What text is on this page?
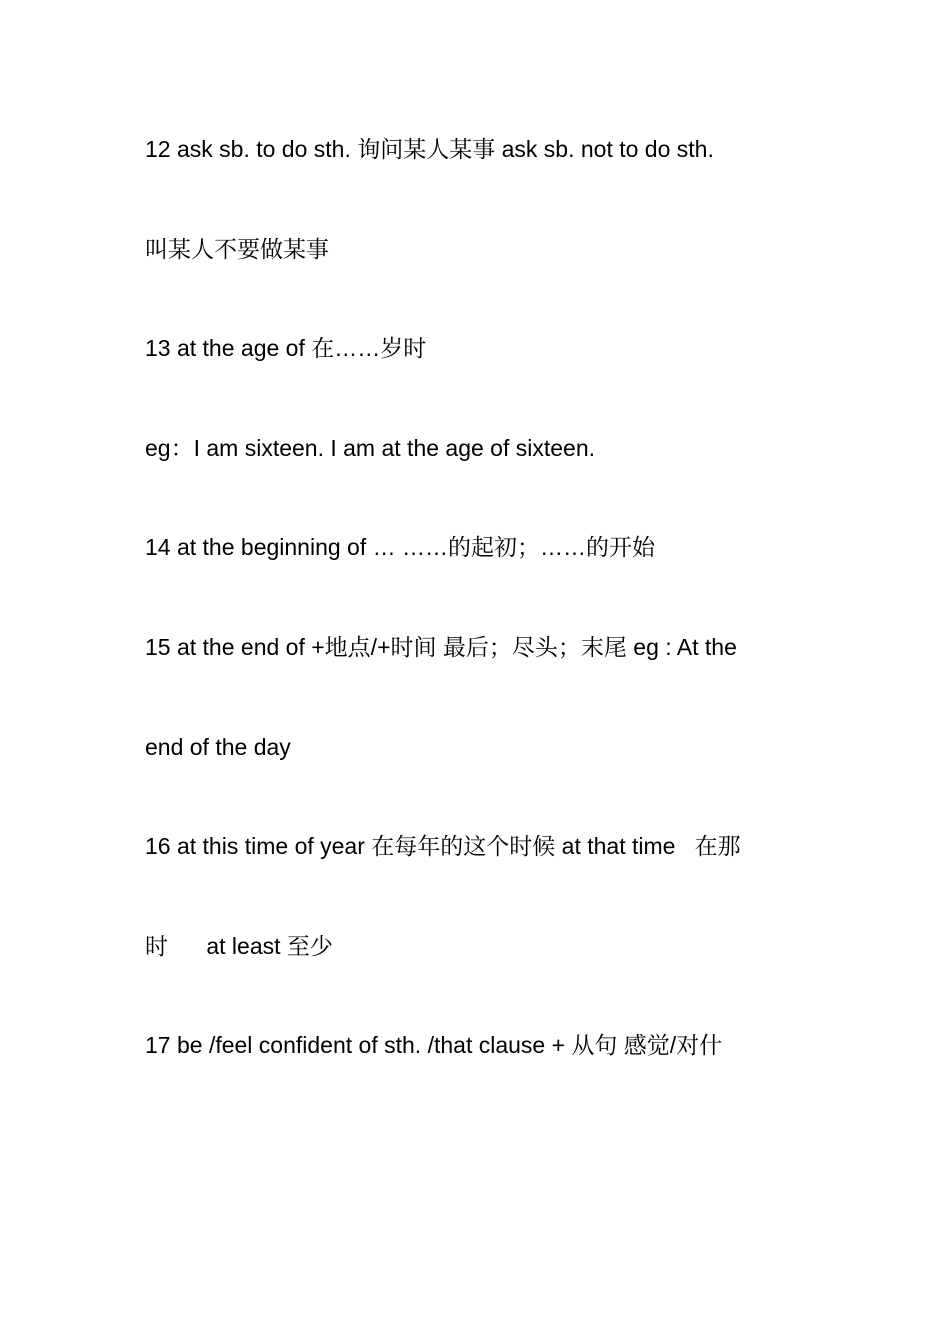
12 ask sb. to do sth. 询问某人某事 ask sb. not to do sth.
叫某人不要做某事
13 at the age of 在……岁时
eg：I am sixteen. I am at the age of sixteen.
14 at the beginning of … ……的起初；……的开始
15 at the end of +地点/+时间 最后；尽头；末尾 eg : At the
end of the day
16 at this time of year 在每年的这个时候 at that time   在那
时      at least 至少
17 be /feel confident of sth. /that clause + 从句 感觉/对什
